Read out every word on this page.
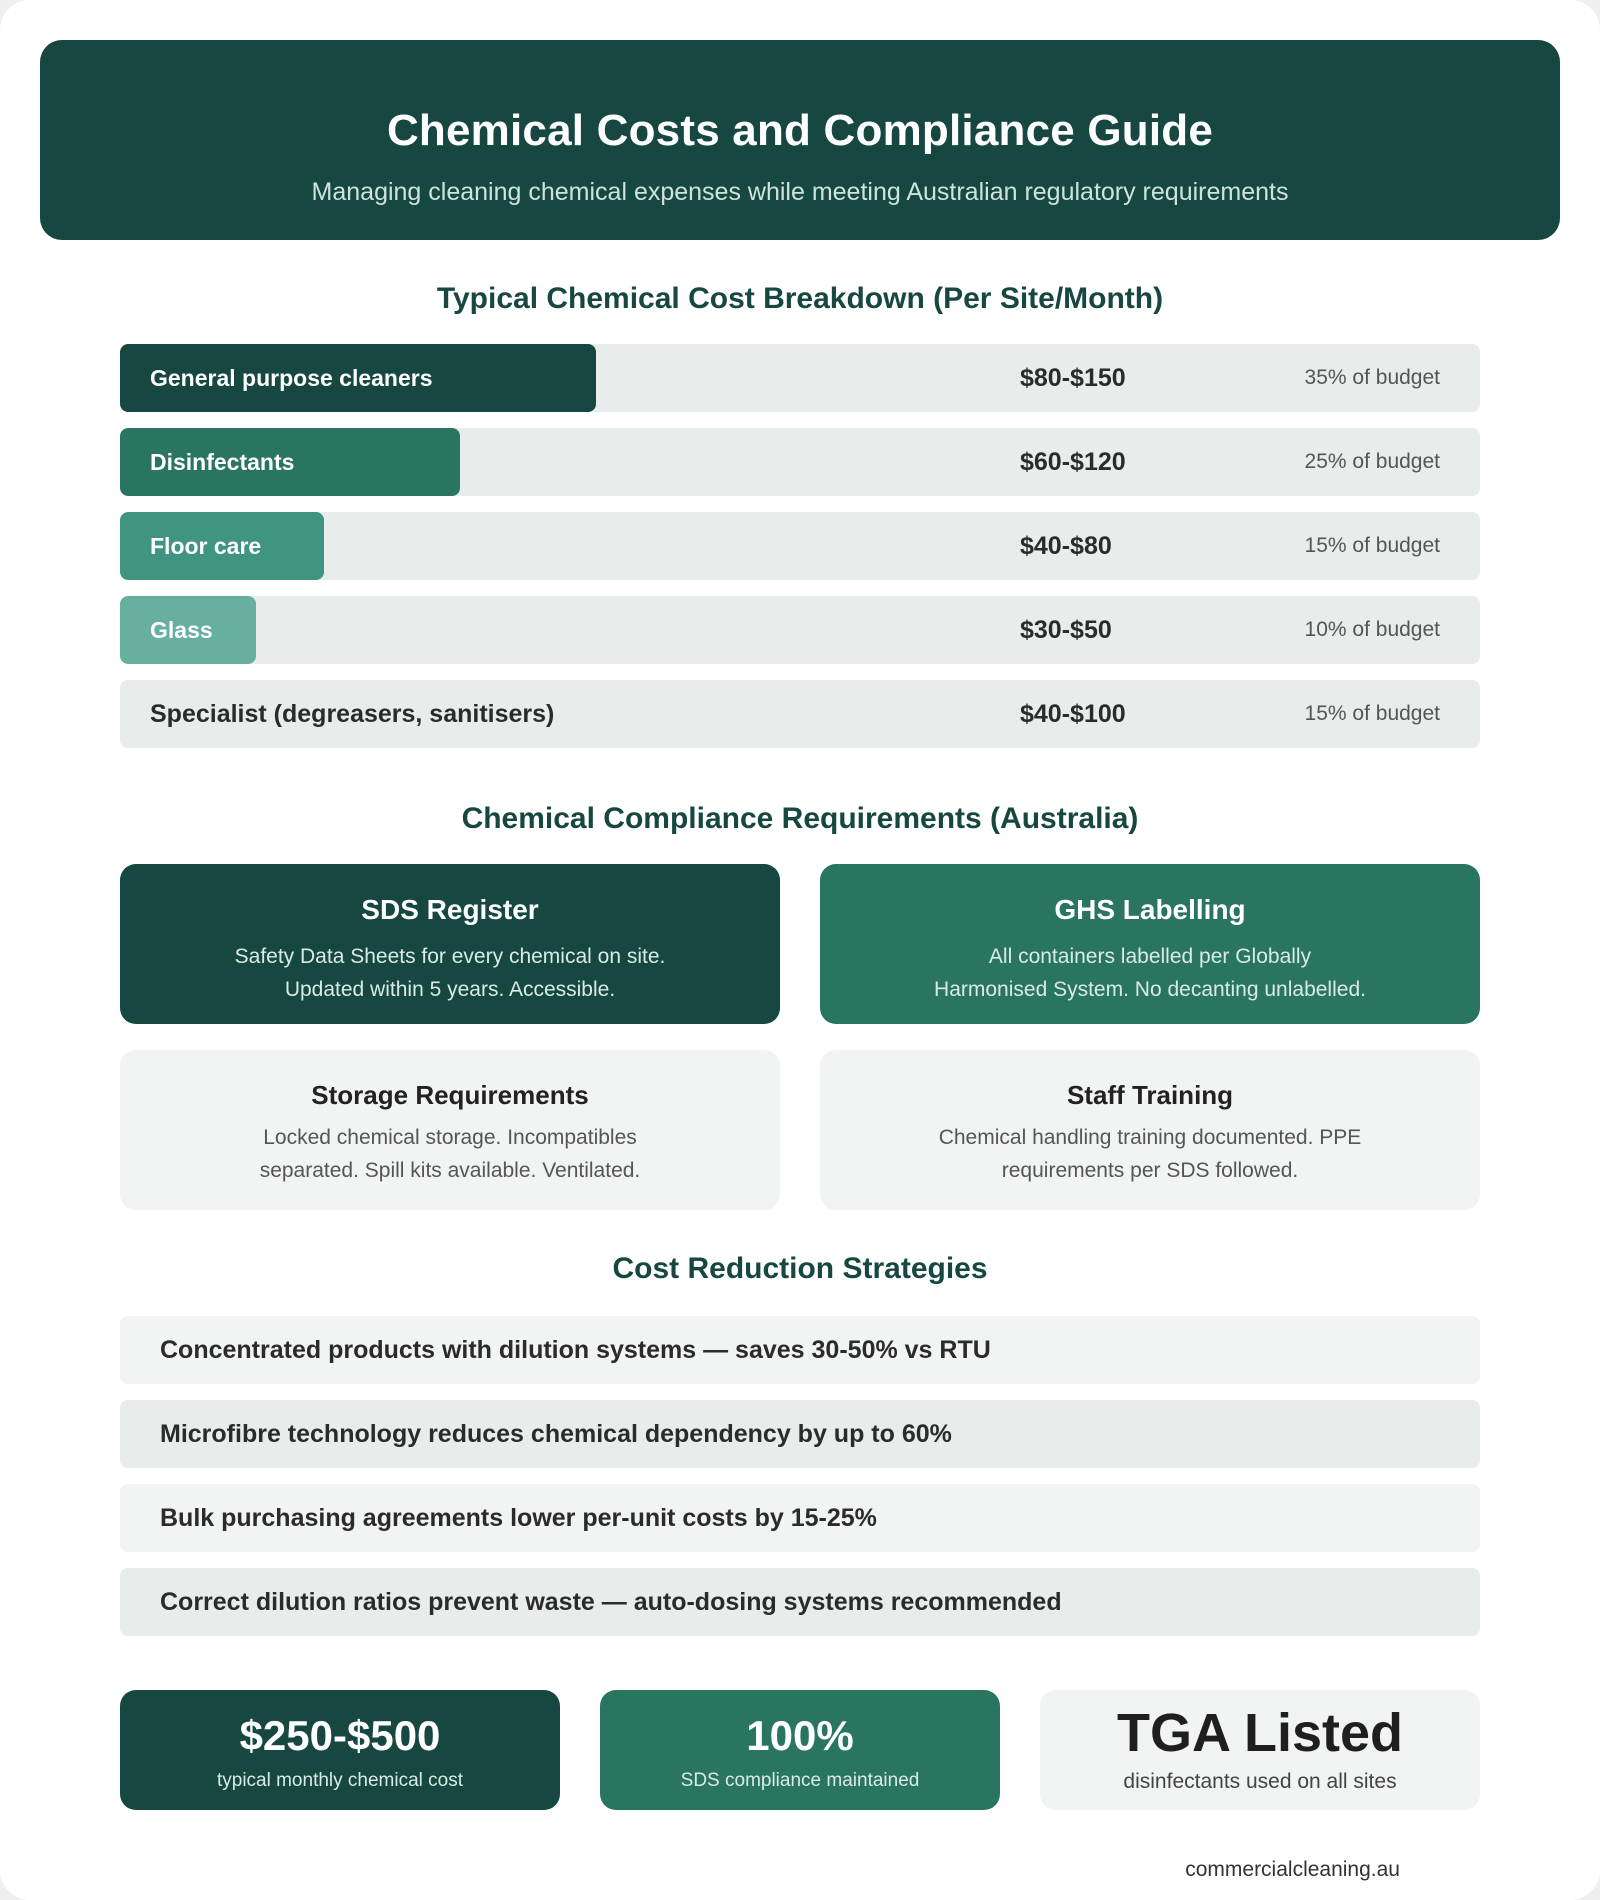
Chemical Costs and Compliance Guide

Managing cleaning chemical expenses while meeting Australian regulatory requirements

Typical Chemical Cost Breakdown (Per Site/Month)
General purpose cleaners	$80-$150	35% of budget
Disinfectants	$60-$120	25% of budget
Floor care	$40-$80	15% of budget
Glass	$30-$50	10% of budget
Specialist (degreasers, sanitisers)	$40-$100	15% of budget
Chemical Compliance Requirements (Australia)
SDS Register

Safety Data Sheets for every chemical on site. Updated within 5 years. Accessible.

GHS Labelling

All containers labelled per Globally Harmonised System. No decanting unlabelled.

Storage Requirements

Locked chemical storage. Incompatibles separated. Spill kits available. Ventilated.

Staff Training

Chemical handling training documented. PPE requirements per SDS followed.

Cost Reduction Strategies
Concentrated products with dilution systems — saves 30-50% vs RTU
Microfibre technology reduces chemical dependency by up to 60%
Bulk purchasing agreements lower per-unit costs by 15-25%
Correct dilution ratios prevent waste — auto-dosing systems recommended
$250-$500
typical monthly chemical cost
100%
SDS compliance maintained
TGA Listed
disinfectants used on all sites
commercialcleaning.au
